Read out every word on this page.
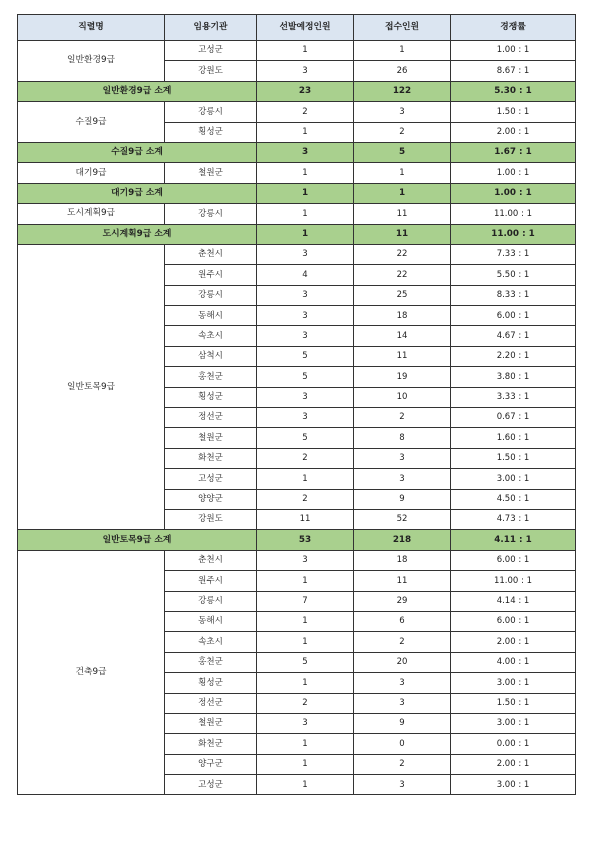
직렬명	임용기관	선발예정인원	접수인원	경쟁률
일반환경9급	고성군	1	1	1.00 : 1
	강원도	3	26	8.67 : 1
일반환경9급 소계		23	122	5.30 : 1
수질9급	강릉시	2	3	1.50 : 1
	횡성군	1	2	2.00 : 1
수질9급 소계		3	5	1.67 : 1
대기9급	철원군	1	1	1.00 : 1
대기9급 소계		1	1	1.00 : 1
도시계획9급	강릉시	1	11	11.00 : 1
도시계획9급 소계		1	11	11.00 : 1
일반토목9급	춘천시	3	22	7.33 : 1
	원주시	4	22	5.50 : 1
	강릉시	3	25	8.33 : 1
	동해시	3	18	6.00 : 1
	속초시	3	14	4.67 : 1
	삼척시	5	11	2.20 : 1
	홍천군	5	19	3.80 : 1
	횡성군	3	10	3.33 : 1
	정선군	3	2	0.67 : 1
	철원군	5	8	1.60 : 1
	화천군	2	3	1.50 : 1
	고성군	1	3	3.00 : 1
	양양군	2	9	4.50 : 1
	강원도	11	52	4.73 : 1
일반토목9급 소계		53	218	4.11 : 1
건축9급	춘천시	3	18	6.00 : 1
	원주시	1	11	11.00 : 1
	강릉시	7	29	4.14 : 1
	동해시	1	6	6.00 : 1
	속초시	1	2	2.00 : 1
	홍천군	5	20	4.00 : 1
	횡성군	1	3	3.00 : 1
	정선군	2	3	1.50 : 1
	철원군	3	9	3.00 : 1
	화천군	1	0	0.00 : 1
	양구군	1	2	2.00 : 1
	고성군	1	3	3.00 : 1
